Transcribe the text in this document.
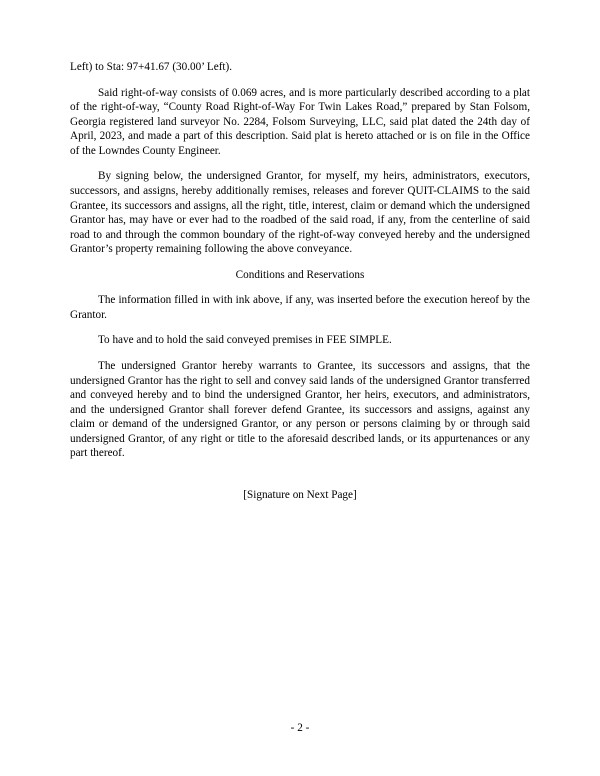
Left) to Sta: 97+41.67 (30.00’ Left).

Said right-of-way consists of 0.069 acres, and is more particularly described according to a plat of the right-of-way, “County Road Right-of-Way For Twin Lakes Road,” prepared by Stan Folsom, Georgia registered land surveyor No. 2284, Folsom Surveying, LLC, said plat dated the 24th day of April, 2023, and made a part of this description. Said plat is hereto attached or is on file in the Office of the Lowndes County Engineer.

By signing below, the undersigned Grantor, for myself, my heirs, administrators, executors, successors, and assigns, hereby additionally remises, releases and forever QUIT-CLAIMS to the said Grantee, its successors and assigns, all the right, title, interest, claim or demand which the undersigned Grantor has, may have or ever had to the roadbed of the said road, if any, from the centerline of said road to and through the common boundary of the right-of-way conveyed hereby and the undersigned Grantor’s property remaining following the above conveyance.

Conditions and Reservations

The information filled in with ink above, if any, was inserted before the execution hereof by the Grantor.

To have and to hold the said conveyed premises in FEE SIMPLE.

The undersigned Grantor hereby warrants to Grantee, its successors and assigns, that the undersigned Grantor has the right to sell and convey said lands of the undersigned Grantor transferred and conveyed hereby and to bind the undersigned Grantor, her heirs, executors, and administrators, and the undersigned Grantor shall forever defend Grantee, its successors and assigns, against any claim or demand of the undersigned Grantor, or any person or persons claiming by or through said undersigned Grantor, of any right or title to the aforesaid described lands, or its appurtenances or any part thereof.

[Signature on Next Page]

- 2 -
